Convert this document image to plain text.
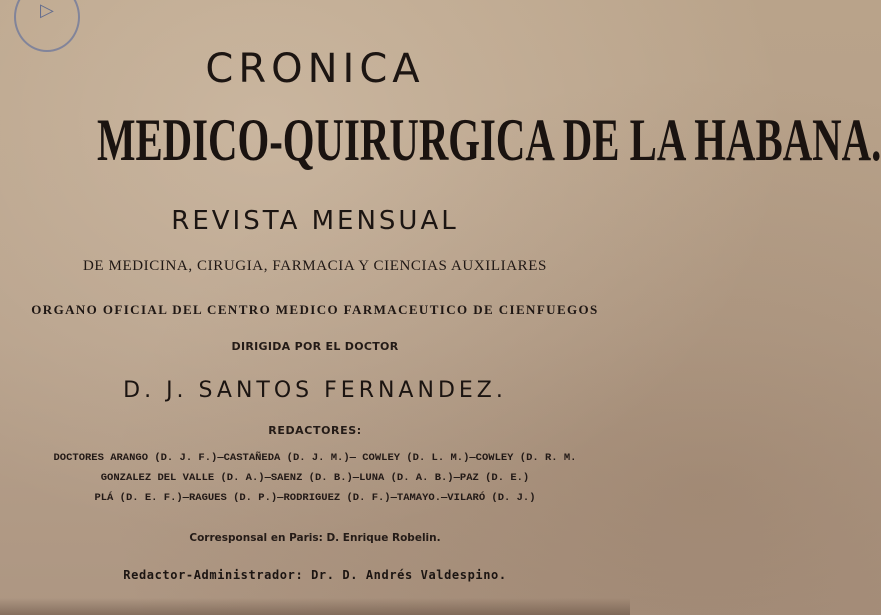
▷
CRONICA
MEDICO-QUIRURGICA DE LA HABANA.
REVISTA MENSUAL
DE MEDICINA, CIRUGIA, FARMACIA Y CIENCIAS AUXILIARES
ORGANO OFICIAL DEL CENTRO MEDICO FARMACEUTICO DE CIENFUEGOS
DIRIGIDA POR EL DOCTOR
D. J. SANTOS FERNANDEZ.
REDACTORES:
DOCTORES ARANGO (D. J. F.)—CASTAÑEDA (D. J. M.)— COWLEY (D. L. M.)—COWLEY (D. R. M.
GONZALEZ DEL VALLE (D. A.)—SAENZ (D. B.)—LUNA (D. A. B.)—PAZ (D. E.)
PLÁ (D. E. F.)—RAGUES (D. P.)—RODRIGUEZ (D. F.)—TAMAYO.—VILARÓ (D. J.)
Corresponsal en Paris: D. Enrique Robelin.
Redactor-Administrador: Dr. D. Andrés Valdespino.
